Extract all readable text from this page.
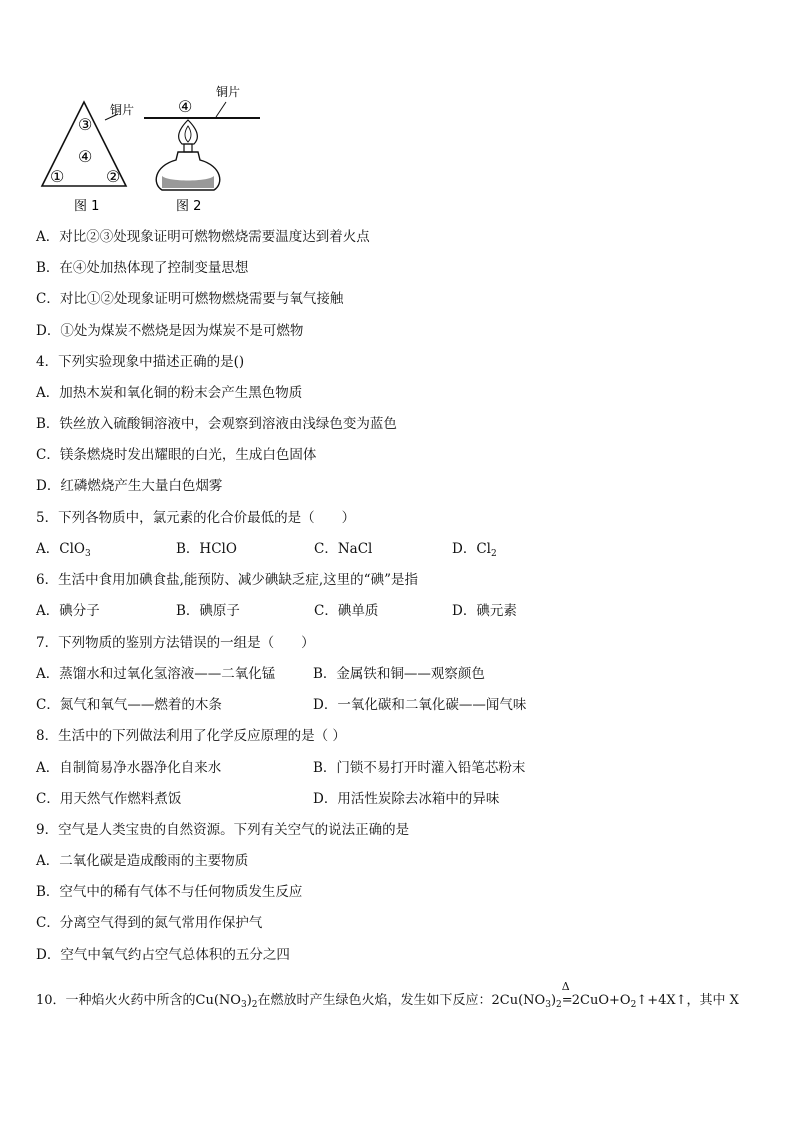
铜片
③
④
①	②
图 1
铜片
④
图 2
A．对比②③处现象证明可燃物燃烧需要温度达到着火点
B．在④处加热体现了控制变量思想
C．对比①②处现象证明可燃物燃烧需要与氧气接触
D．①处为煤炭不燃烧是因为煤炭不是可燃物
4．下列实验现象中描述正确的是()
A．加热木炭和氧化铜的粉末会产生黑色物质
B．铁丝放入硫酸铜溶液中，会观察到溶液由浅绿色变为蓝色
C．镁条燃烧时发出耀眼的白光，生成白色固体
D．红磷燃烧产生大量白色烟雾
5．下列各物质中，氯元素的化合价最低的是（　　）
A．ClO$_3$	B．HClO	C．NaCl	D．$Cl_2$
6．生活中食用加碘食盐,能预防、减少碘缺乏症,这里的“碘”是指
A．碘分子	B．碘原子	C．碘单质	D．碘元素
7．下列物质的鉴别方法错误的一组是（　　）
A．蒸馏水和过氧化氢溶液——二氧化锰	B．金属铁和铜——观察颜色
C．氮气和氧气——燃着的木条	D．一氧化碳和二氧化碳——闻气味
8．生活中的下列做法利用了化学反应原理的是（ ）
A．自制简易净水器净化自来水	B．门锁不易打开时灌入铅笔芯粉末
C．用天然气作燃料煮饭	D．用活性炭除去冰箱中的异味
9．空气是人类宝贵的自然资源。下列有关空气的说法正确的是
A．二氧化碳是造成酸雨的主要物质
B．空气中的稀有气体不与任何物质发生反应
C．分离空气得到的氮气常用作保护气
D．空气中氧气约占空气总体积的五分之四
10．一种焰火火药中所含的$Cu(NO_3)_2$在燃放时产生绿色火焰，发生如下反应：$2Cu(NO_3)_2$
Δ
$=2CuO+O_2↑+4X↑$，其中 X
